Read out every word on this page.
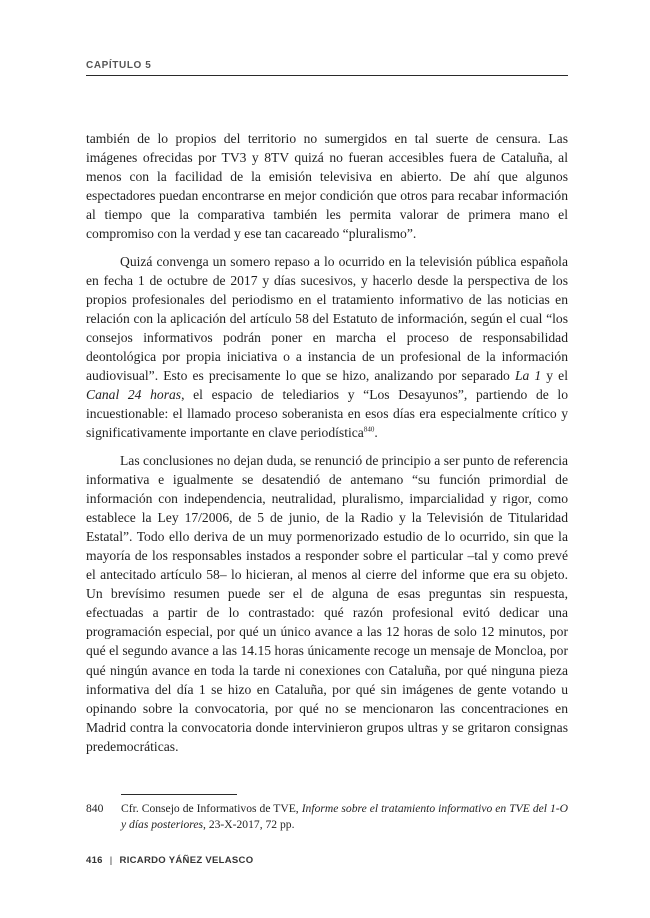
CAPÍTULO 5

también de lo propios del territorio no sumergidos en tal suerte de censura. Las imágenes ofrecidas por TV3 y 8TV quizá no fueran accesibles fuera de Cataluña, al menos con la facilidad de la emisión televisiva en abierto. De ahí que algunos espectadores puedan encontrarse en mejor condición que otros para recabar información al tiempo que la comparativa también les permita valorar de primera mano el compromiso con la verdad y ese tan cacareado “pluralismo”.

Quizá convenga un somero repaso a lo ocurrido en la televisión pública española en fecha 1 de octubre de 2017 y días sucesivos, y hacerlo desde la perspectiva de los propios profesionales del periodismo en el tratamiento informativo de las noticias en relación con la aplicación del artículo 58 del Estatuto de información, según el cual “los consejos informativos podrán poner en marcha el proceso de responsabilidad deontológica por propia iniciativa o a instancia de un profesional de la información audiovisual”. Esto es precisamente lo que se hizo, analizando por separado La 1 y el Canal 24 horas, el espacio de telediarios y “Los Desayunos”, partiendo de lo incuestionable: el llamado proceso soberanista en esos días era especialmente crítico y significativamente importante en clave periodística$^{840}$.

Las conclusiones no dejan duda, se renunció de principio a ser punto de referencia informativa e igualmente se desatendió de antemano “su función primordial de información con independencia, neutralidad, pluralismo, imparcialidad y rigor, como establece la Ley 17/2006, de 5 de junio, de la Radio y la Televisión de Titularidad Estatal”. Todo ello deriva de un muy pormenorizado estudio de lo ocurrido, sin que la mayoría de los responsables instados a responder sobre el particular –tal y como prevé el antecitado artículo 58– lo hicieran, al menos al cierre del informe que era su objeto. Un brevísimo resumen puede ser el de alguna de esas preguntas sin respuesta, efectuadas a partir de lo contrastado: qué razón profesional evitó dedicar una programación especial, por qué un único avance a las 12 horas de solo 12 minutos, por qué el segundo avance a las 14.15 horas únicamente recoge un mensaje de Moncloa, por qué ningún avance en toda la tarde ni conexiones con Cataluña, por qué ninguna pieza informativa del día 1 se hizo en Cataluña, por qué sin imágenes de gente votando u opinando sobre la convocatoria, por qué no se mencionaron las concentraciones en Madrid contra la convocatoria donde intervinieron grupos ultras y se gritaron consignas predemocráticas.

840	Cfr. Consejo de Informativos de TVE, Informe sobre el tratamiento informativo en TVE del 1-O y días posteriores, 23-X-2017, 72 pp.
416 | RICARDO YÁÑEZ VELASCO
